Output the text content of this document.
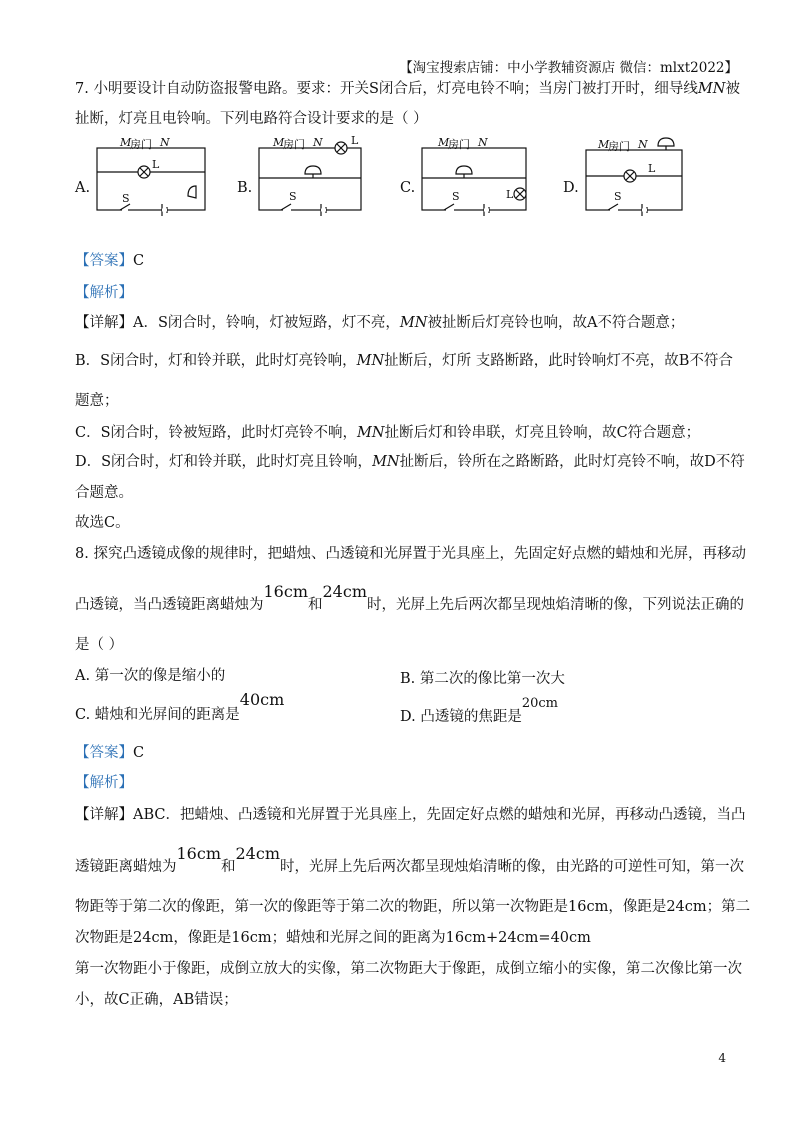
【淘宝搜索店铺：中小学教辅资源店 微信：mlxt2022】
7. 小明要设计自动防盗报警电路。要求：开关S闭合后，灯亮电铃不响；当房门被打开时，细导线MN被
扯断，灯亮且电铃响。下列电路符合设计要求的是（ ）
A.
M
房门 N
L
S
B.
M
房门 N	L
S
C.
M
房门 N
L
S
D.
M
房门 N
L
S
【答案】C
【解析】
【详解】A．S闭合时，铃响，灯被短路，灯不亮，MN被扯断后灯亮铃也响，故A不符合题意；
B．S闭合时，灯和铃并联，此时灯亮铃响，MN扯断后，灯所 支路断路，此时铃响灯不亮，故B不符合
题意；
C．S闭合时，铃被短路，此时灯亮铃不响，MN扯断后灯和铃串联，灯亮且铃响，故C符合题意；
D．S闭合时，灯和铃并联，此时灯亮且铃响，MN扯断后，铃所在之路断路，此时灯亮铃不响，故D不符
合题意。
故选C。
8. 探究凸透镜成像的规律时，把蜡烛、凸透镜和光屏置于光具座上，先固定好点燃的蜡烛和光屏，再移动
凸透镜，当凸透镜距离蜡烛为16cm和24cm时，光屏上先后两次都呈现烛焰清晰的像，下列说法正确的
是（ ）
A. 第一次的像是缩小的	B. 第二次的像比第一次大
C. 蜡烛和光屏间的距离是40cm
D. 凸透镜的焦距是20cm
【答案】C
【解析】
【详解】ABC．把蜡烛、凸透镜和光屏置于光具座上，先固定好点燃的蜡烛和光屏，再移动凸透镜，当凸
透镜距离蜡烛为16cm和24cm时，光屏上先后两次都呈现烛焰清晰的像，由光路的可逆性可知，第一次
物距等于第二次的像距，第一次的像距等于第二次的物距，所以第一次物距是16cm，像距是24cm；第二
次物距是24cm，像距是16cm；蜡烛和光屏之间的距离为16cm+24cm=40cm
第一次物距小于像距，成倒立放大的实像，第二次物距大于像距，成倒立缩小的实像，第二次像比第一次
小，故C正确，AB错误；
4
